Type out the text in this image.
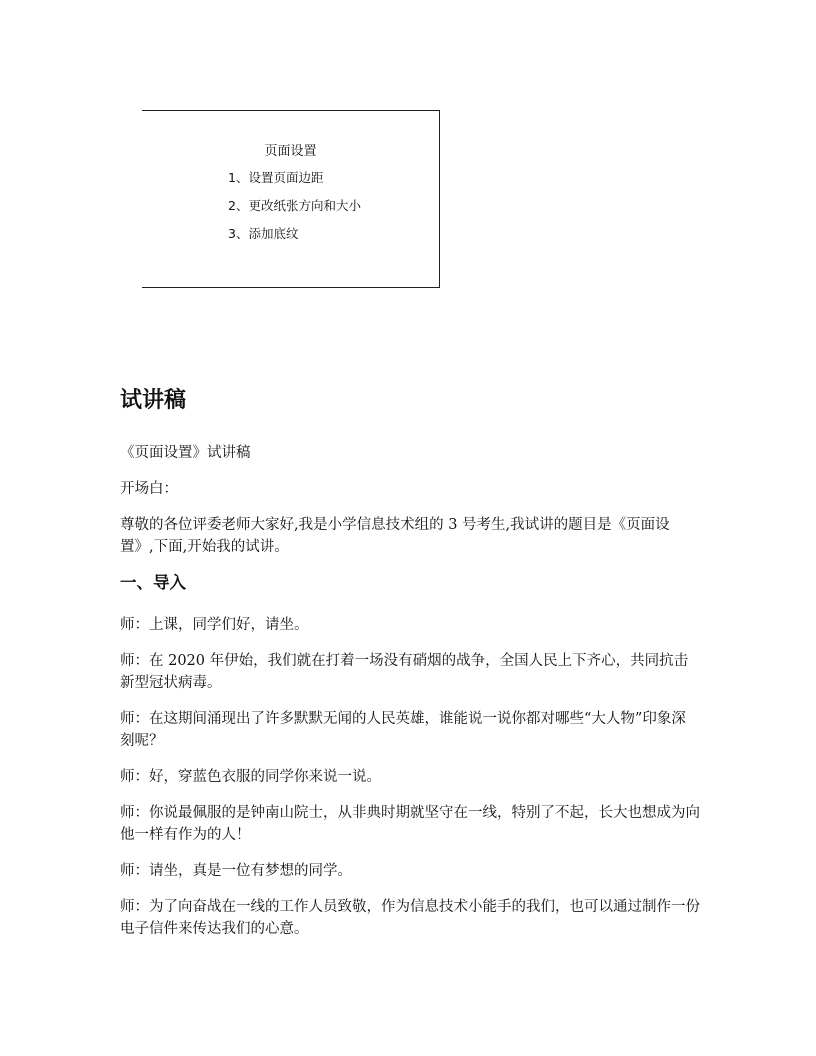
页面设置
1、设置页面边距
2、更改纸张方向和大小
3、添加底纹
试讲稿

《页面设置》试讲稿

开场白：

尊敬的各位评委老师大家好,我是小学信息技术组的 3 号考生,我试讲的题目是《页面设置》,下面,开始我的试讲。

一、导入

师：上课，同学们好，请坐。

师：在 2020 年伊始，我们就在打着一场没有硝烟的战争，全国人民上下齐心，共同抗击新型冠状病毒。

师：在这期间涌现出了许多默默无闻的人民英雄，谁能说一说你都对哪些“大人物”印象深刻呢？

师：好，穿蓝色衣服的同学你来说一说。

师：你说最佩服的是钟南山院士，从非典时期就坚守在一线，特别了不起，长大也想成为向他一样有作为的人！

师：请坐，真是一位有梦想的同学。

师：为了向奋战在一线的工作人员致敬，作为信息技术小能手的我们，也可以通过制作一份电子信件来传达我们的心意。
